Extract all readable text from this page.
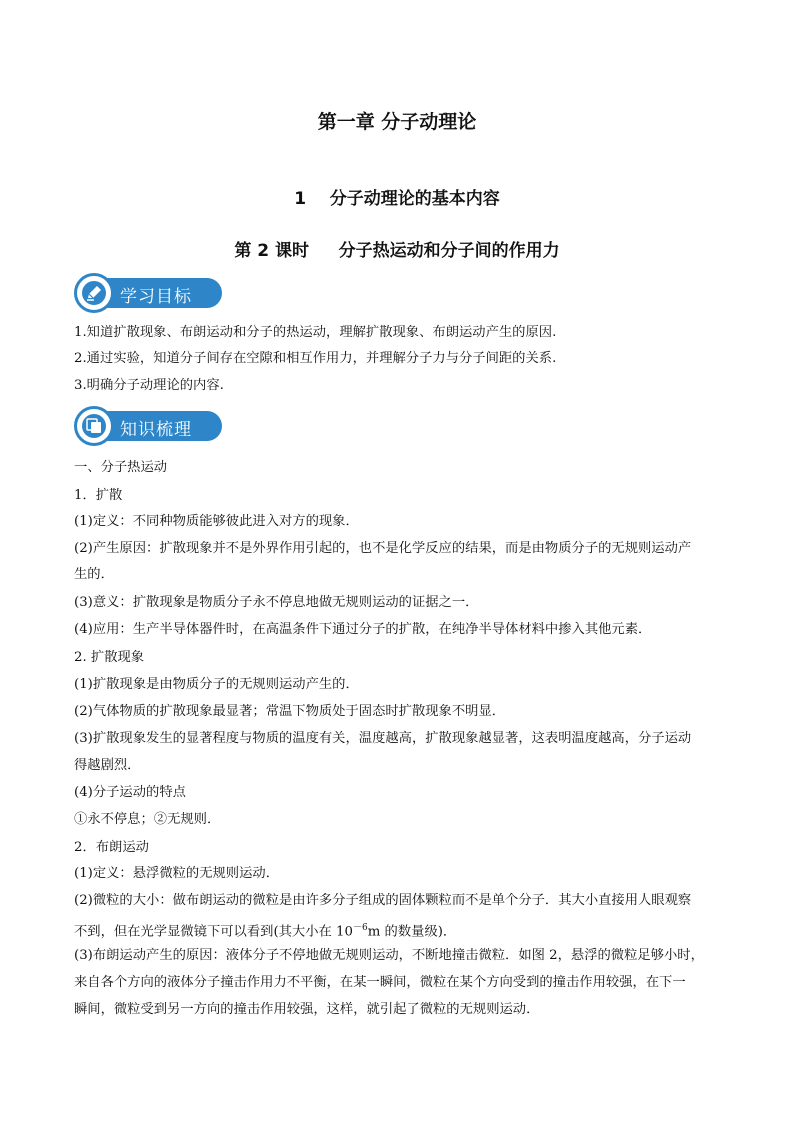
第一章 分子动理论
1    分子动理论的基本内容
第 2 课时     分子热运动和分子间的作用力
学习目标
1.知道扩散现象、布朗运动和分子的热运动，理解扩散现象、布朗运动产生的原因.
2.通过实验，知道分子间存在空隙和相互作用力，并理解分子力与分子间距的关系.
3.明确分子动理论的内容.
知识梳理
一、分子热运动
1．扩散
(1)定义：不同种物质能够彼此进入对方的现象．
(2)产生原因：扩散现象并不是外界作用引起的，也不是化学反应的结果，而是由物质分子的无规则运动产
生的．
(3)意义：扩散现象是物质分子永不停息地做无规则运动的证据之一．
(4)应用：生产半导体器件时，在高温条件下通过分子的扩散，在纯净半导体材料中掺入其他元素．
2. 扩散现象
(1)扩散现象是由物质分子的无规则运动产生的．
(2)气体物质的扩散现象最显著；常温下物质处于固态时扩散现象不明显．
(3)扩散现象发生的显著程度与物质的温度有关，温度越高，扩散现象越显著，这表明温度越高，分子运动
得越剧烈．
(4)分子运动的特点
①永不停息；②无规则．
2．布朗运动
(1)定义：悬浮微粒的无规则运动．
(2)微粒的大小：做布朗运动的微粒是由许多分子组成的固体颗粒而不是单个分子．其大小直接用人眼观察
不到，但在光学显微镜下可以看到(其大小在 $10^{-6}m$ 的数量级)．
(3)布朗运动产生的原因：液体分子不停地做无规则运动，不断地撞击微粒．如图 2，悬浮的微粒足够小时，
来自各个方向的液体分子撞击作用力不平衡，在某一瞬间，微粒在某个方向受到的撞击作用较强，在下一
瞬间，微粒受到另一方向的撞击作用较强，这样，就引起了微粒的无规则运动．
